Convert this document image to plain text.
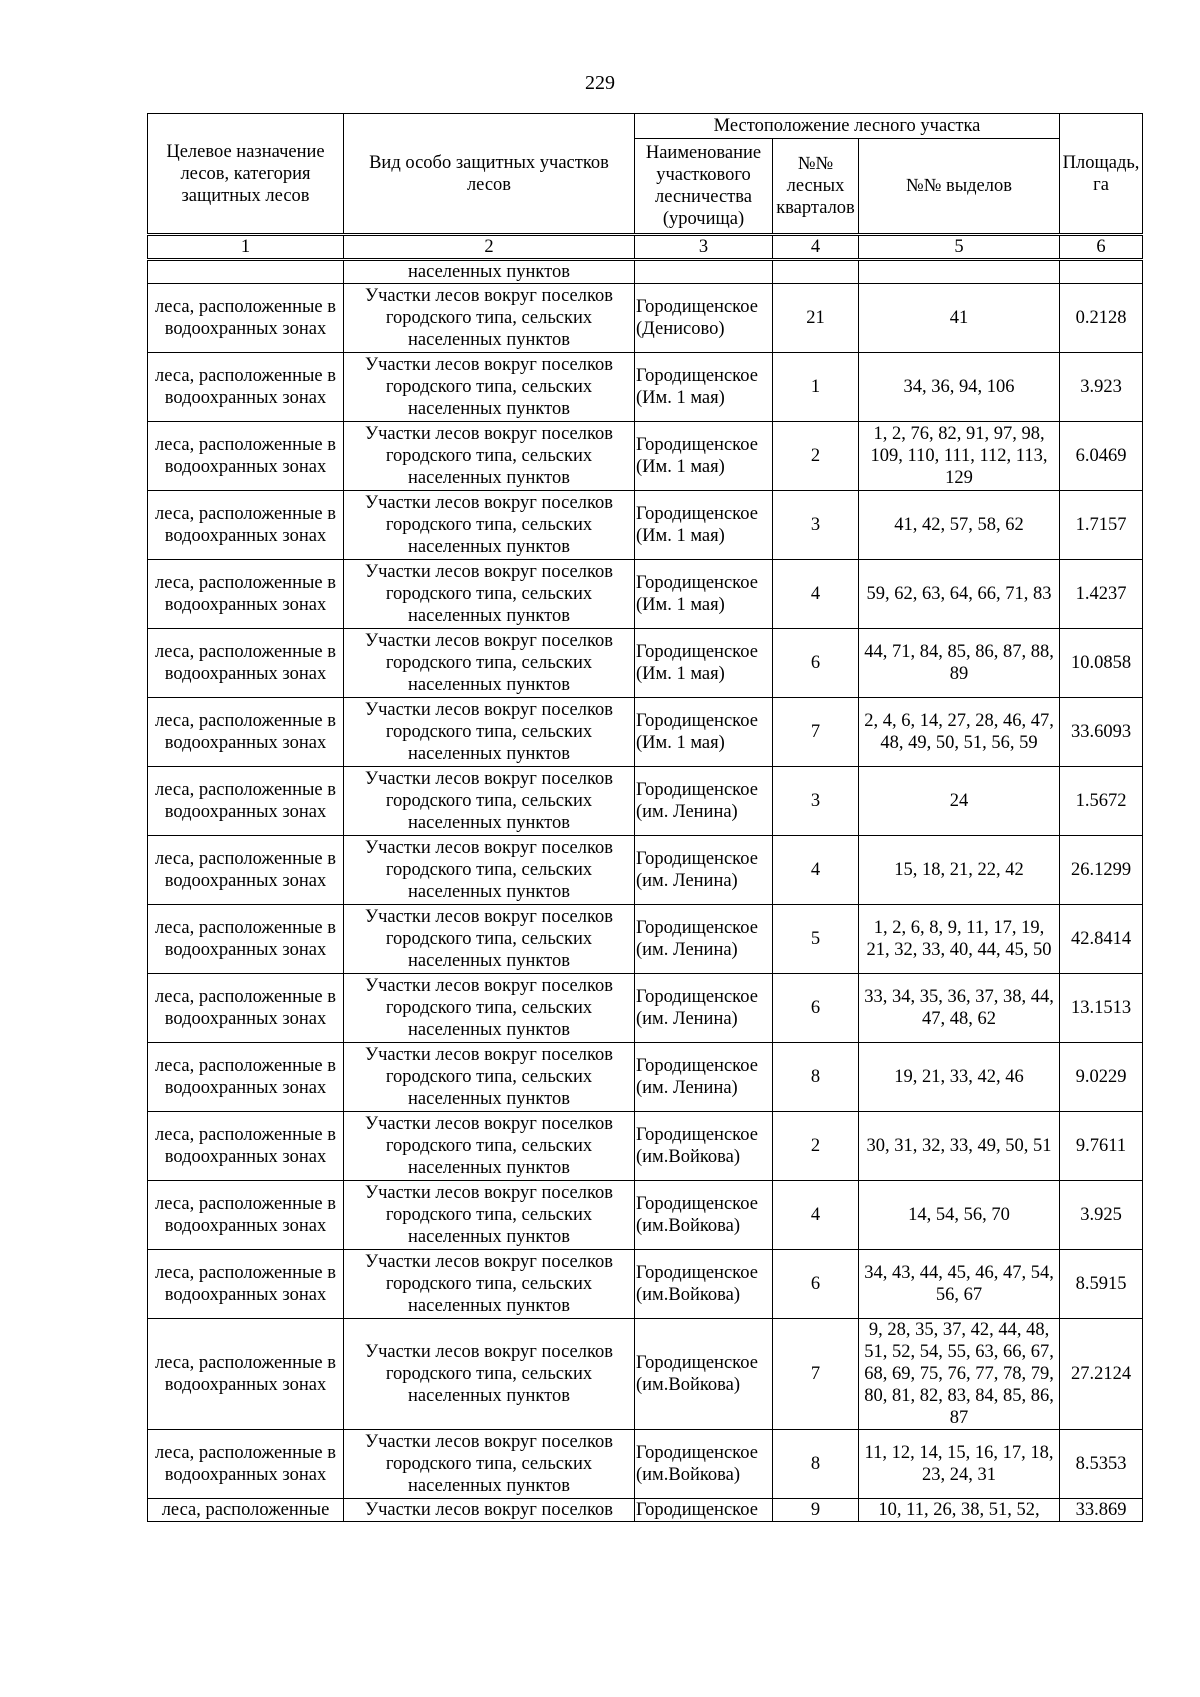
229
Целевое назначение лесов, категория защитных лесов	Вид особо защитных участков лесов	Местоположение лесного участка			Площадь, га
		Наименование участкового лесничества (урочища)	№№ лесных кварталов	№№ выделов	
1	2	3	4	5	6
	населенных пунктов				
леса, расположенные в водоохранных зонах	Участки лесов вокруг поселков городского типа, сельских населенных пунктов	Городищенское (Денисово)	21	41	0.2128
леса, расположенные в водоохранных зонах	Участки лесов вокруг поселков городского типа, сельских населенных пунктов	Городищенское (Им. 1 мая)	1	34, 36, 94, 106	3.923
леса, расположенные в водоохранных зонах	Участки лесов вокруг поселков городского типа, сельских населенных пунктов	Городищенское (Им. 1 мая)	2	1, 2, 76, 82, 91, 97, 98, 109, 110, 111, 112, 113, 129	6.0469
леса, расположенные в водоохранных зонах	Участки лесов вокруг поселков городского типа, сельских населенных пунктов	Городищенское (Им. 1 мая)	3	41, 42, 57, 58, 62	1.7157
леса, расположенные в водоохранных зонах	Участки лесов вокруг поселков городского типа, сельских населенных пунктов	Городищенское (Им. 1 мая)	4	59, 62, 63, 64, 66, 71, 83	1.4237
леса, расположенные в водоохранных зонах	Участки лесов вокруг поселков городского типа, сельских населенных пунктов	Городищенское (Им. 1 мая)	6	44, 71, 84, 85, 86, 87, 88, 89	10.0858
леса, расположенные в водоохранных зонах	Участки лесов вокруг поселков городского типа, сельских населенных пунктов	Городищенское (Им. 1 мая)	7	2, 4, 6, 14, 27, 28, 46, 47, 48, 49, 50, 51, 56, 59	33.6093
леса, расположенные в водоохранных зонах	Участки лесов вокруг поселков городского типа, сельских населенных пунктов	Городищенское (им. Ленина)	3	24	1.5672
леса, расположенные в водоохранных зонах	Участки лесов вокруг поселков городского типа, сельских населенных пунктов	Городищенское (им. Ленина)	4	15, 18, 21, 22, 42	26.1299
леса, расположенные в водоохранных зонах	Участки лесов вокруг поселков городского типа, сельских населенных пунктов	Городищенское (им. Ленина)	5	1, 2, 6, 8, 9, 11, 17, 19, 21, 32, 33, 40, 44, 45, 50	42.8414
леса, расположенные в водоохранных зонах	Участки лесов вокруг поселков городского типа, сельских населенных пунктов	Городищенское (им. Ленина)	6	33, 34, 35, 36, 37, 38, 44, 47, 48, 62	13.1513
леса, расположенные в водоохранных зонах	Участки лесов вокруг поселков городского типа, сельских населенных пунктов	Городищенское (им. Ленина)	8	19, 21, 33, 42, 46	9.0229
леса, расположенные в водоохранных зонах	Участки лесов вокруг поселков городского типа, сельских населенных пунктов	Городищенское (им.Войкова)	2	30, 31, 32, 33, 49, 50, 51	9.7611
леса, расположенные в водоохранных зонах	Участки лесов вокруг поселков городского типа, сельских населенных пунктов	Городищенское (им.Войкова)	4	14, 54, 56, 70	3.925
леса, расположенные в водоохранных зонах	Участки лесов вокруг поселков городского типа, сельских населенных пунктов	Городищенское (им.Войкова)	6	34, 43, 44, 45, 46, 47, 54, 56, 67	8.5915
леса, расположенные в водоохранных зонах	Участки лесов вокруг поселков городского типа, сельских населенных пунктов	Городищенское (им.Войкова)	7	9, 28, 35, 37, 42, 44, 48, 51, 52, 54, 55, 63, 66, 67, 68, 69, 75, 76, 77, 78, 79, 80, 81, 82, 83, 84, 85, 86, 87	27.2124
леса, расположенные в водоохранных зонах	Участки лесов вокруг поселков городского типа, сельских населенных пунктов	Городищенское (им.Войкова)	8	11, 12, 14, 15, 16, 17, 18, 23, 24, 31	8.5353
леса, расположенные	Участки лесов вокруг поселков	Городищенское	9	10, 11, 26, 38, 51, 52,	33.869
